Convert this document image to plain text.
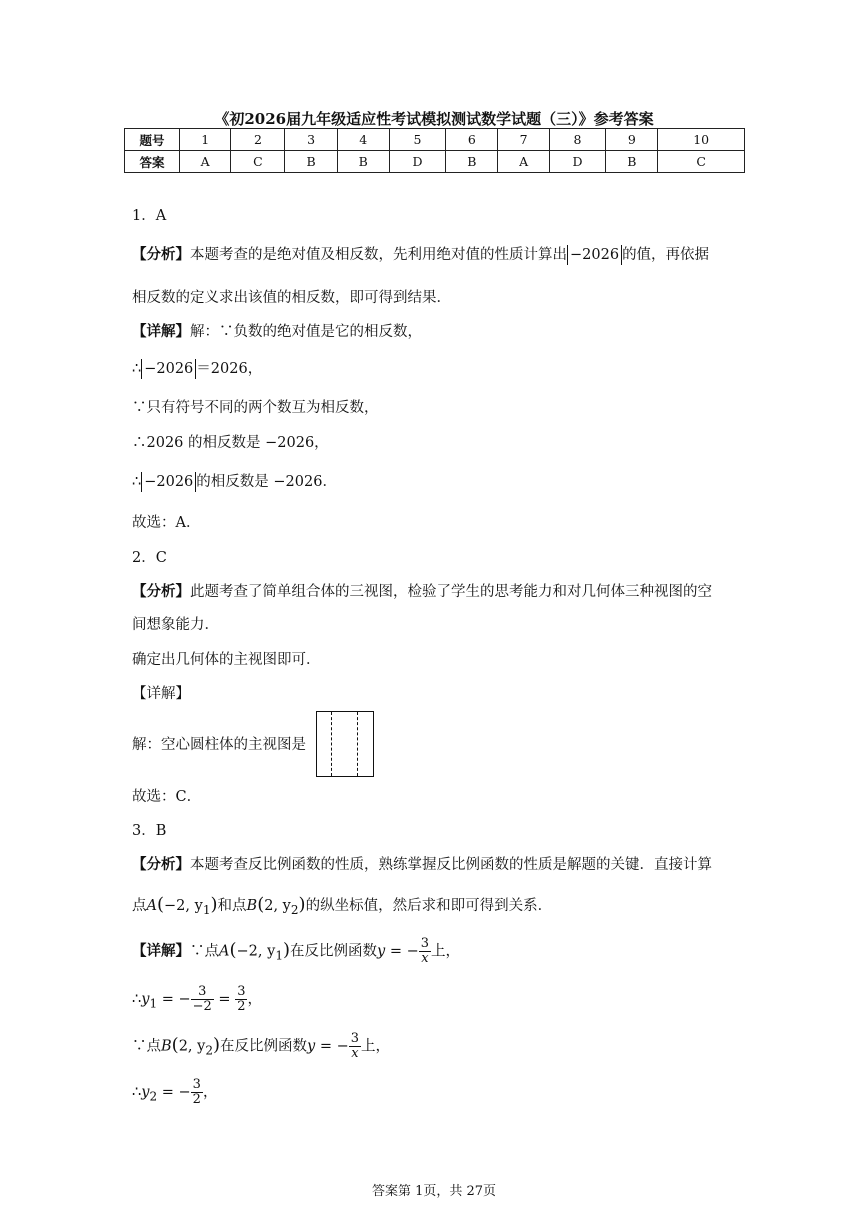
《初2026届九年级适应性考试模拟测试数学试题（三）》参考答案
题号	1	2	3	4	5	6	7	8	9	10
答案	A	C	B	B	D	B	A	D	B	C
1．A
【分析】本题考查的是绝对值及相反数，先利用绝对值的性质计算出 −2026 的值，再依据
相反数的定义求出该值的相反数，即可得到结果．
【详解】解：∵负数的绝对值是它的相反数，
∴ −2026 ＝2026，
∵只有符号不同的两个数互为相反数，
∴2026 的相反数是 −2026，
∴ −2026 的相反数是 −2026．
故选：A．
2．C
【分析】此题考查了简单组合体的三视图，检验了学生的思考能力和对几何体三种视图的空
间想象能力．
确定出几何体的主视图即可．
【详解】
解：空心圆柱体的主视图是
故选：C．
3．B
【分析】本题考查反比例函数的性质，熟练掌握反比例函数的性质是解题的关键．直接计算
点A(−2, $y_1$)和点B(2, $y_2$)的纵坐标值，然后求和即可得到关系．
【详解】∵点A(−2, $y_1$)在反比例函数y = − $\frac{3}{x}$ 上，
$\therefore y_1$ = − $\frac{3}{-2} = \frac{3}{2}$ ，
∵点B(2, $y_2$)在反比例函数y = − $\frac{3}{x}$ 上，
$\therefore y_2$ = − $\frac{3}{2}$ ，
答案第 1页，共 27页
